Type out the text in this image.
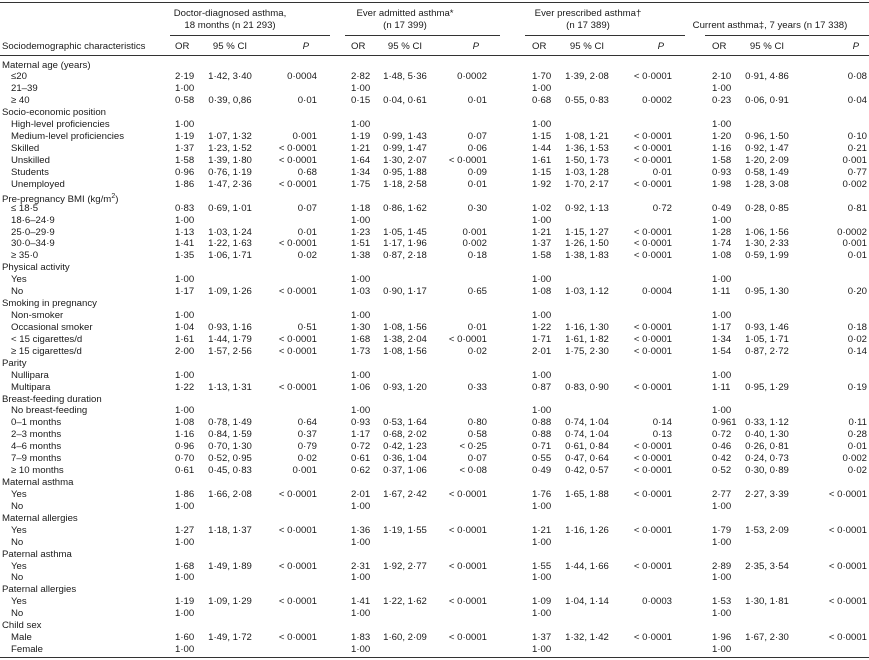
Doctor-diagnosed asthma,
18 months (n 21 293)
Ever admitted asthma*
(n 17 399)
Ever prescribed asthma†
(n 17 389)	Current asthma‡, 7 years (n 17 338)
Sociodemographic characteristics	OR 95 % CI	P	OR 95 % CI	P	OR 95 % CI	P	OR 95 % CI	P
Maternal age (years)
≤20	2·19 1·42, 3·40	0·0004	2·82 1·48, 5·36	0·0002	1·70 1·39, 2·08	< 0·0001	2·10 0·91, 4·86	0·08
21–39	1·00	1·00	1·00	1·00
≥ 40	0·58 0·39, 0,86	0·01	0·15 0·04, 0·61	0·01	0·68 0·55, 0·83	0·0002	0·23 0·06, 0·91	0·04
Socio-economic position
High-level proficiencies	1·00	1·00	1·00	1·00
Medium-level proficiencies	1·19 1·07, 1·32	0·001	1·19 0·99, 1·43	0·07	1·15 1·08, 1·21	< 0·0001	1·20 0·96, 1·50	0·10
Skilled	1·37 1·23, 1·52	< 0·0001	1·21 0·99, 1·47	0·06	1·44 1·36, 1·53	< 0·0001	1·16 0·92, 1·47	0·21
Unskilled	1·58 1·39, 1·80	< 0·0001	1·64 1·30, 2·07 < 0·0001	1·61 1·50, 1·73	< 0·0001	1·58 1·20, 2·09	0·001
Students	0·96 0·76, 1·19	0·68	1·34 0·95, 1·88	0·09	1·15 1·03, 1·28	0·01	0·93 0·58, 1·49	0·77
Unemployed	1·86 1·47, 2·36	< 0·0001	1·75 1·18, 2·58	0·01	1·92 1·70, 2·17	< 0·0001	1·98 1·28, 3·08	0·002
Pre-pregnancy BMI $(kg/m^2)$
≤ 18·5	0·83 0·69, 1·01	0·07	1·18 0·86, 1·62	0·30	1·02 0·92, 1·13	0·72	0·49 0·28, 0·85	0·81
18·6–24·9	1·00	1·00	1·00	1·00
25·0–29·9	1·13 1·03, 1·24	0·01	1·23 1·05, 1·45	0·001	1·21 1·15, 1·27	< 0·0001	1·28 1·06, 1·56	0·0002
30·0–34·9	1·41 1·22, 1·63	< 0·0001	1·51 1·17, 1·96	0·002	1·37 1·26, 1·50	< 0·0001	1·74 1·30, 2·33	0·001
≥ 35·0	1·35 1·06, 1·71	0·02	1·38 0·87, 2·18	0·18	1·58 1·38, 1·83	< 0·0001	1·08 0·59, 1·99	0·01
Physical activity
Yes	1·00	1·00	1·00	1·00
No	1·17 1·09, 1·26	< 0·0001	1·03 0·90, 1·17	0·65	1·08 1·03, 1·12	0·0004	1·11 0·95, 1·30	0·20
Smoking in pregnancy
Non-smoker	1·00	1·00	1·00	1·00
Occasional smoker	1·04 0·93, 1·16	0·51	1·30 1·08, 1·56	0·01	1·22 1·16, 1·30	< 0·0001	1·17 0·93, 1·46	0·18
< 15 cigarettes/d	1·61 1·44, 1·79	< 0·0001	1·68 1·38, 2·04 < 0·0001	1·71 1·61, 1·82	< 0·0001	1·34 1·05, 1·71	0·02
≥ 15 cigarettes/d	2·00 1·57, 2·56	< 0·0001	1·73 1·08, 1·56	0·02	2·01 1·75, 2·30	< 0·0001	1·54 0·87, 2·72	0·14
Parity
Nullipara	1·00	1·00	1·00	1·00
Multipara	1·22 1·13, 1·31	< 0·0001	1·06 0·93, 1·20	0·33	0·87 0·83, 0·90	< 0·0001	1·11 0·95, 1·29	0·19
Breast-feeding duration
No breast-feeding	1·00	1·00	1·00	1·00
0–1 months	1·08 0·78, 1·49	0·64	0·93 0·53, 1·64	0·80	0·88 0·74, 1·04	0·14	0·961 0·33, 1·12	0·11
2–3 months	1·16 0·84, 1·59	0·37	1·17 0·68, 2·02	0·58	0·88 0·74, 1·04	0·13	0·72 0·40, 1·30	0·28
4–6 months	0·96 0·70, 1·30	0·79	0·72 0·42, 1·23	< 0·25	0·71 0·61, 0·84	< 0·0001	0·46 0·26, 0·81	0·01
7–9 months	0·70 0·52, 0·95	0·02	0·61 0·36, 1·04	0·07	0·55 0·47, 0·64	< 0·0001	0·42 0·24, 0·73	0·002
≥ 10 months	0·61 0·45, 0·83	0·001	0·62 0·37, 1·06	< 0·08	0·49 0·42, 0·57	< 0·0001	0·52 0·30, 0·89	0·02
Maternal asthma
Yes	1·86 1·66, 2·08	< 0·0001	2·01 1·67, 2·42 < 0·0001	1·76 1·65, 1·88	< 0·0001	2·77 2·27, 3·39	< 0·0001
No	1·00	1·00	1·00	1·00
Maternal allergies
Yes	1·27 1·18, 1·37	< 0·0001	1·36 1·19, 1·55 < 0·0001	1·21 1·16, 1·26	< 0·0001	1·79 1·53, 2·09	< 0·0001
No	1·00	1·00	1·00	1·00
Paternal asthma
Yes	1·68 1·49, 1·89	< 0·0001	2·31 1·92, 2·77 < 0·0001	1·55 1·44, 1·66	< 0·0001	2·89 2·35, 3·54	< 0·0001
No	1·00	1·00	1·00	1·00
Paternal allergies
Yes	1·19 1·09, 1·29	< 0·0001	1·41 1·22, 1·62 < 0·0001	1·09 1·04, 1·14	0·0003	1·53 1·30, 1·81	< 0·0001
No	1·00	1·00	1·00	1·00
Child sex
Male	1·60 1·49, 1·72	< 0·0001	1·83 1·60, 2·09 < 0·0001	1·37 1·32, 1·42	< 0·0001	1·96 1·67, 2·30	< 0·0001
Female	1·00	1·00	1·00	1·00
